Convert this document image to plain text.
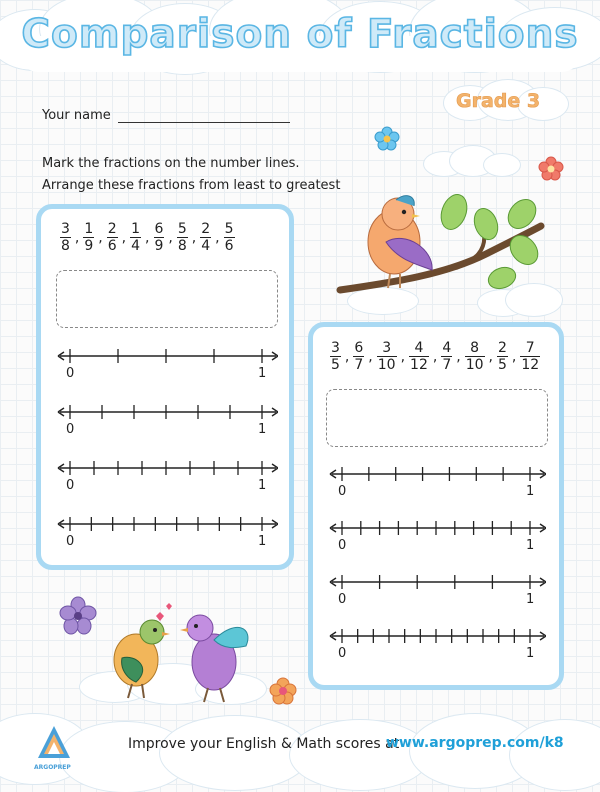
Comparison of Fractions
Grade 3
Your name
Mark the fractions on the number lines.
Arrange these fractions from least to greatest
$\frac{3}{8}$ , $\frac{1}{9}$ , $\frac{2}{6}$ , $\frac{1}{4}$ , $\frac{6}{9}$ , $\frac{5}{8}$ , $\frac{2}{4}$ , $\frac{5}{6}$
0	1
0	1
0	1
0	1
$\frac{3}{5}$ , $\frac{6}{7}$ , $\frac{3}{10}$ , $\frac{4}{12}$ , $\frac{4}{7}$ , $\frac{8}{10}$ , $\frac{2}{5}$ , $\frac{7}{12}$
0	1
0	1
0	1
0	1
ARGOPREP
Improve your English & Math scores at
www.argoprep.com/k8
